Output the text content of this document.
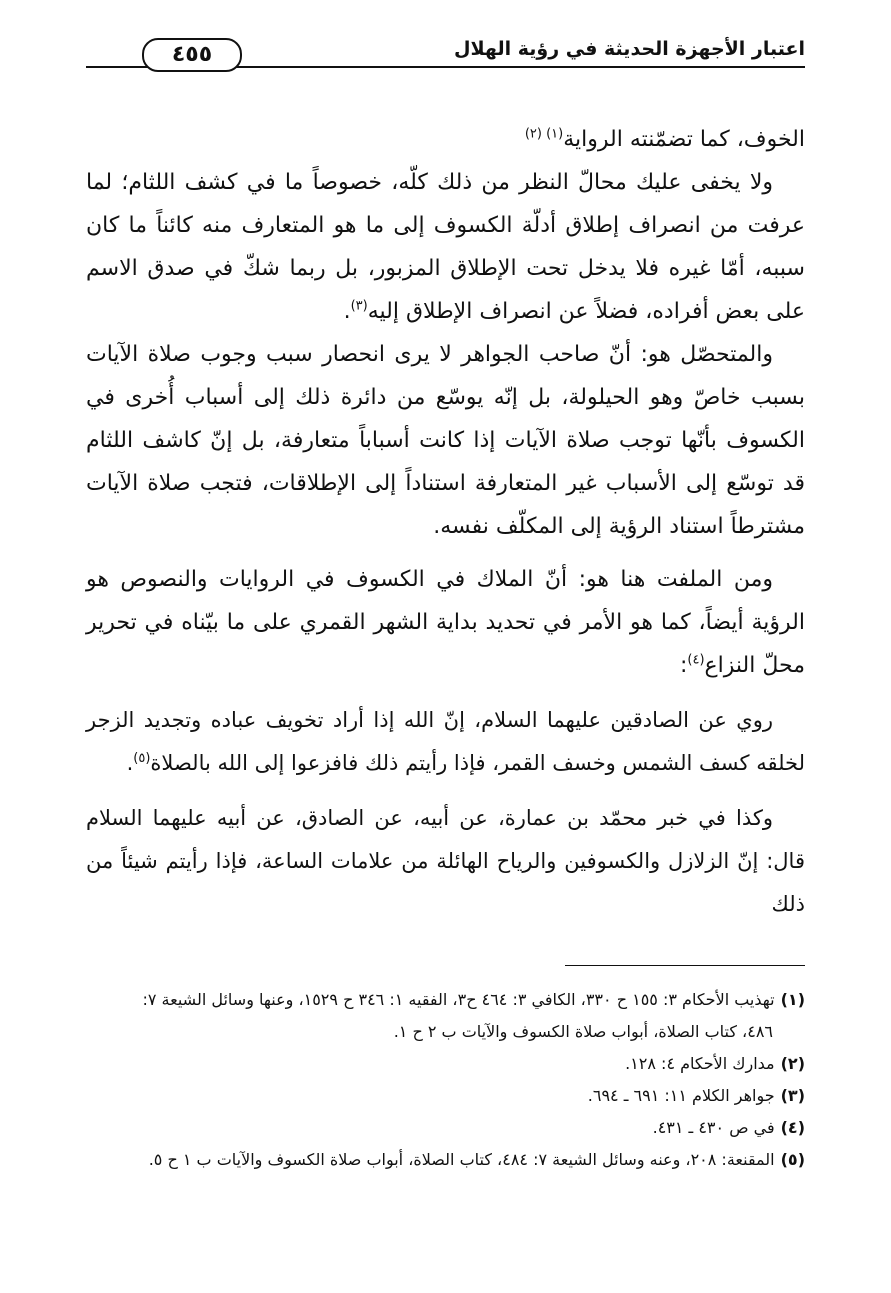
اعتبار الأجهزة الحديثة في رؤية الهلال
٤٥٥

الخوف، كما تضمّنته الرواية$^{(١) (٢)}$

ولا يخفى عليك محالّ النظر من ذلك كلّه، خصوصاً ما في كشف اللثام؛ لما عرفت من انصراف إطلاق أدلّة الكسوف إلى ما هو المتعارف منه كائناً ما كان سببه، أمّا غيره فلا يدخل تحت الإطلاق المزبور، بل ربما شكّ في صدق الاسم على بعض أفراده، فضلاً عن انصراف الإطلاق إليه$^{(٣)}$.

والمتحصّل هو: أنّ صاحب الجواهر لا يرى انحصار سبب وجوب صلاة الآيات بسبب خاصّ وهو الحيلولة، بل إنّه يوسّع من دائرة ذلك إلى أسباب أُخرى في الكسوف بأنّها توجب صلاة الآيات إذا كانت أسباباً متعارفة، بل إنّ كاشف اللثام قد توسّع إلى الأسباب غير المتعارفة استناداً إلى الإطلاقات، فتجب صلاة الآيات مشترطاً استناد الرؤية إلى المكلّف نفسه.

ومن الملفت هنا هو: أنّ الملاك في الكسوف في الروايات والنصوص هو الرؤية أيضاً، كما هو الأمر في تحديد بداية الشهر القمري على ما بيّناه في تحرير محلّ النزاع$^{(٤)}$:

روي عن الصادقين عليهما السلام، إنّ الله إذا أراد تخويف عباده وتجديد الزجر لخلقه كسف الشمس وخسف القمر، فإذا رأيتم ذلك فافزعوا إلى الله بالصلاة$^{(٥)}$.

وكذا في خبر محمّد بن عمارة، عن أبيه، عن الصادق، عن أبيه عليهما السلام قال: إنّ الزلازل والكسوفين والرياح الهائلة من علامات الساعة، فإذا رأيتم شيئاً من ذلك

(١)تهذيب الأحكام ٣: ١٥٥ ح ٣٣٠، الكافي ٣: ٤٦٤ ح٣، الفقيه ١: ٣٤٦ ح ١٥٢٩، وعنها وسائل الشيعة ٧:
٤٨٦، كتاب الصلاة، أبواب صلاة الكسوف والآيات ب ٢ ح ١.

(٢)مدارك الأحكام ٤: ١٢٨.

(٣)جواهر الكلام ١١: ٦٩١ ـ ٦٩٤.

(٤)في ص ٤٣٠ ـ ٤٣١.

(٥)المقنعة: ٢٠٨، وعنه وسائل الشيعة ٧: ٤٨٤، كتاب الصلاة، أبواب صلاة الكسوف والآيات ب ١ ح ٥.
